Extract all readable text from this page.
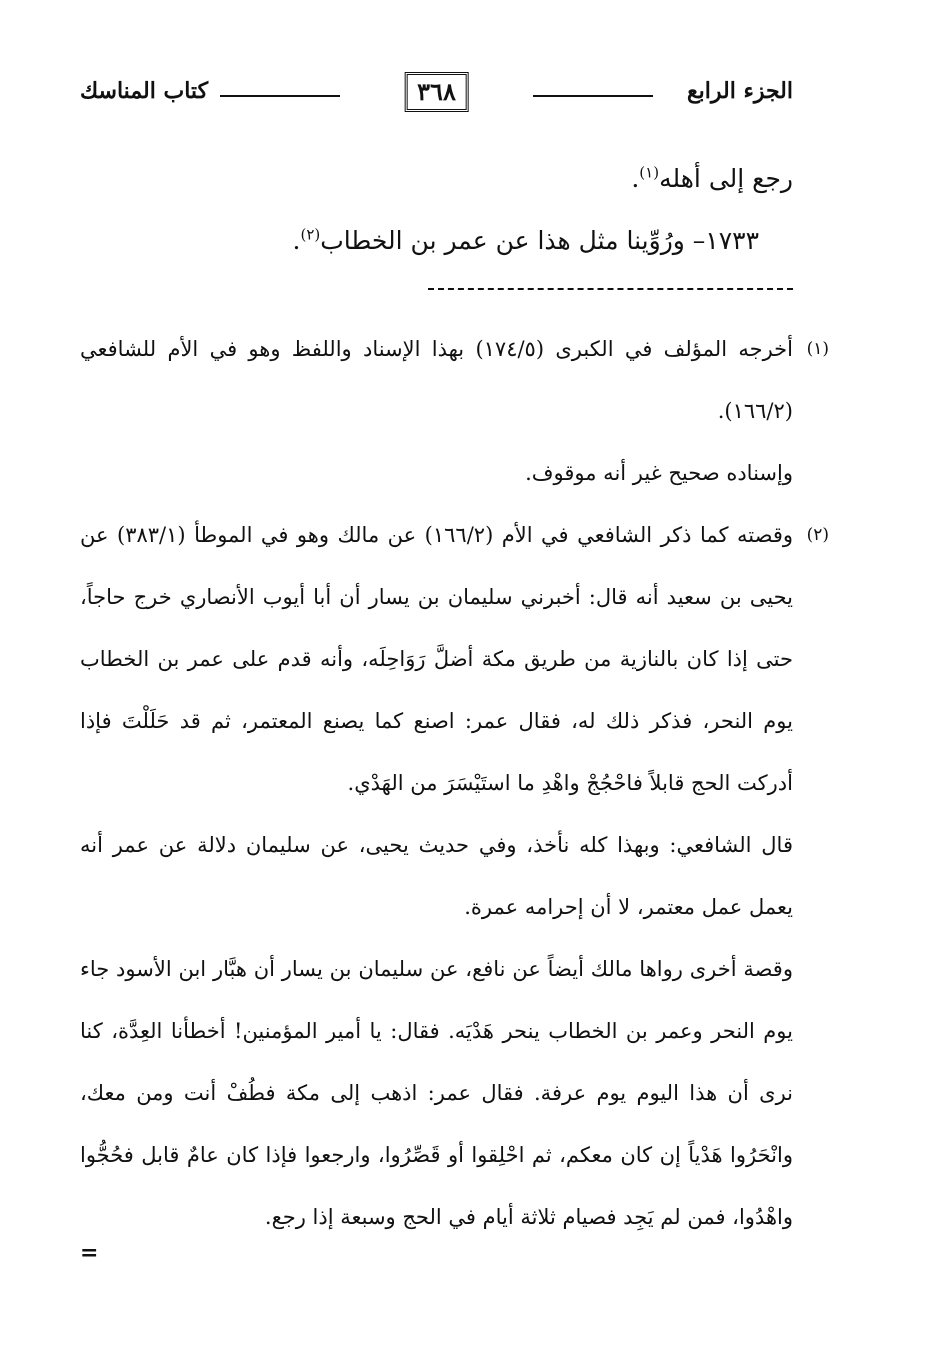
الجزء الرابع
٣٦٨
كتاب المناسك

رجع إلى أهله$^{(١)}$.

١٧٣٣– ورُوِّينا مثل هذا عن عمر بن الخطاب$^{(٢)}$.

(١)

أخرجه المؤلف في الكبرى (١٧٤/٥) بهذا الإسناد واللفظ وهو في الأم للشافعي (١٦٦/٢).

وإسناده صحيح غير أنه موقوف.

(٢)

وقصته كما ذكر الشافعي في الأم (١٦٦/٢) عن مالك وهو في الموطأ (٣٨٣/١) عن يحيى بن سعيد أنه قال: أخبرني سليمان بن يسار أن أبا أيوب الأنصاري خرج حاجاً، حتى إذا كان بالنازية من طريق مكة أضلَّ رَوَاحِلَه، وأنه قدم على عمر بن الخطاب يوم النحر، فذكر ذلك له، فقال عمر: اصنع كما يصنع المعتمر، ثم قد حَلَلْتَ فإذا أدركت الحج قابلاً فاحْجُجْ واهْدِ ما استَيْسَرَ من الهَدْي.

قال الشافعي: وبهذا كله نأخذ، وفي حديث يحيى، عن سليمان دلالة عن عمر أنه يعمل عمل معتمر، لا أن إحرامه عمرة.

وقصة أخرى رواها مالك أيضاً عن نافع، عن سليمان بن يسار أن هبَّار ابن الأسود جاء يوم النحر وعمر بن الخطاب ينحر هَدْيَه. فقال: يا أمير المؤمنين! أخطأنا العِدَّة، كنا نرى أن هذا اليوم يوم عرفة. فقال عمر: اذهب إلى مكة فطُفْ أنت ومن معك، وانْحَرُوا هَدْياً إن كان معكم، ثم احْلِقوا أو قَصِّرُوا، وارجعوا فإذا كان عامٌ قابل فحُجُّوا واهْدُوا، فمن لم يَجِد فصيام ثلاثة أيام في الحج وسبعة إذا رجع.

=
